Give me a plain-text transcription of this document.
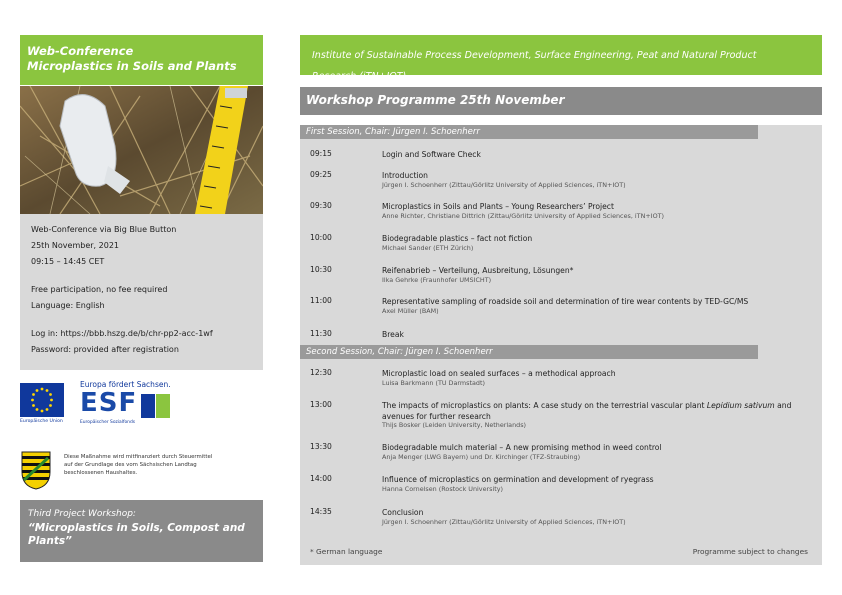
Web-Conference
Microplastics in Soils and Plants
Web-Conference via Big Blue Button
25th November, 2021
09:15 – 14:45 CET
Free participation, no fee required
Language: English
Log in: https://bbb.hszg.de/b/chr-pp2-acc-1wf
Password: provided after registration
Europäische Union
Europa fördert Sachsen.
ESF
Europäischer Sozialfonds
Diese Maßnahme wird mitfinanziert durch Steuermittel auf der Grundlage des vom Sächsischen Landtag beschlossenen Haushaltes.
Third Project Workshop:
“Microplastics in Soils, Compost and
Plants”
Institute of Sustainable Process Development, Surface Engineering, Peat and Natural Product
Research (iTN+IOT)
Workshop Programme 25th November
First Session, Chair: Jürgen I. Schoenherr
09:15	Login and Software Check
09:25	Introduction
Jürgen I. Schoenherr (Zittau/Görlitz University of Applied Sciences, iTN+IOT)
09:30	Microplastics in Soils and Plants – Young Researchers’ Project
Anne Richter, Christiane Dittrich (Zittau/Görlitz University of Applied Sciences, iTN+IOT)
10:00	Biodegradable plastics – fact not fiction
Michael Sander (ETH Zürich)
10:30	Reifenabrieb – Verteilung, Ausbreitung, Lösungen*
Ilka Gehrke (Fraunhofer UMSICHT)
11:00	Representative sampling of roadside soil and determination of tire wear contents by TED-GC/MS
Axel Müller (BAM)
11:30	Break
Second Session, Chair: Jürgen I. Schoenherr
12:30	Microplastic load on sealed surfaces – a methodical approach
Luisa Barkmann (TU Darmstadt)
13:00	The impacts of microplastics on plants: A case study on the terrestrial vascular plant Lepidium sativum and avenues for further research
Thijs Bosker (Leiden University, Netherlands)
13:30	Biodegradable mulch material – A new promising method in weed control
Anja Menger (LWG Bayern) und Dr. Kirchinger (TFZ-Straubing)
14:00	Influence of microplastics on germination and development of ryegrass
Hanna Cornelsen (Rostock University)
14:35	Conclusion
Jürgen I. Schoenherr (Zittau/Görlitz University of Applied Sciences, iTN+IOT)
* German language	Programme subject to changes
